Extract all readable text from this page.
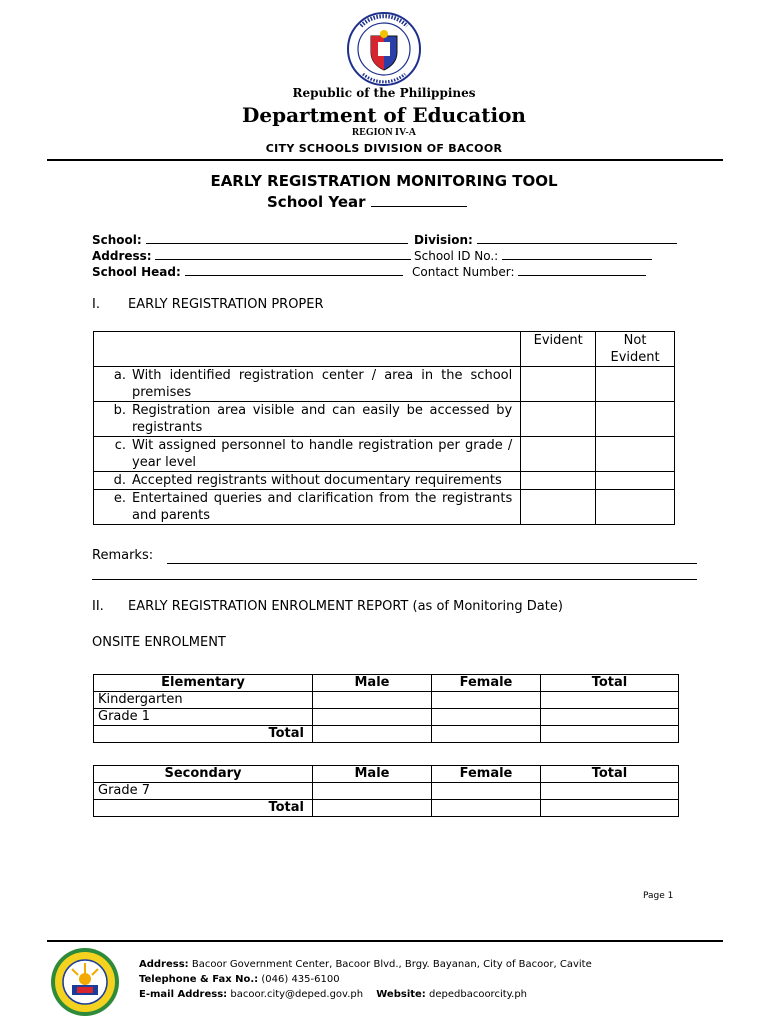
Republic of the Philippines
Department of Education
REGION IV-A
CITY SCHOOLS DIVISION OF BACOOR
EARLY REGISTRATION MONITORING TOOL
School Year
School:	Division:
Address:	School ID No.:
School Head:	Contact Number:
I. EARLY REGISTRATION PROPER
	Evident	Not Evident

a. With identified registration center / area in the school premises		

b. Registration area visible and can easily be accessed by registrants		

c. Wit assigned personnel to handle registration per grade / year level		

d. Accepted registrants without documentary requirements		

e. Entertained queries and clarification from the registrants and parents		

Remarks:
II. EARLY REGISTRATION ENROLMENT REPORT (as of Monitoring Date)
ONSITE ENROLMENT
Elementary	Male	Female	Total
Kindergarten			
Grade 1			
Total			
Secondary	Male	Female	Total
Grade 7			
Total			
Page 1
Address: Bacoor Government Center, Bacoor Blvd., Brgy. Bayanan, City of Bacoor, Cavite
Telephone & Fax No.: (046) 435-6100
E-mail Address: bacoor.city@deped.gov.ph Website: depedbacoorcity.ph
